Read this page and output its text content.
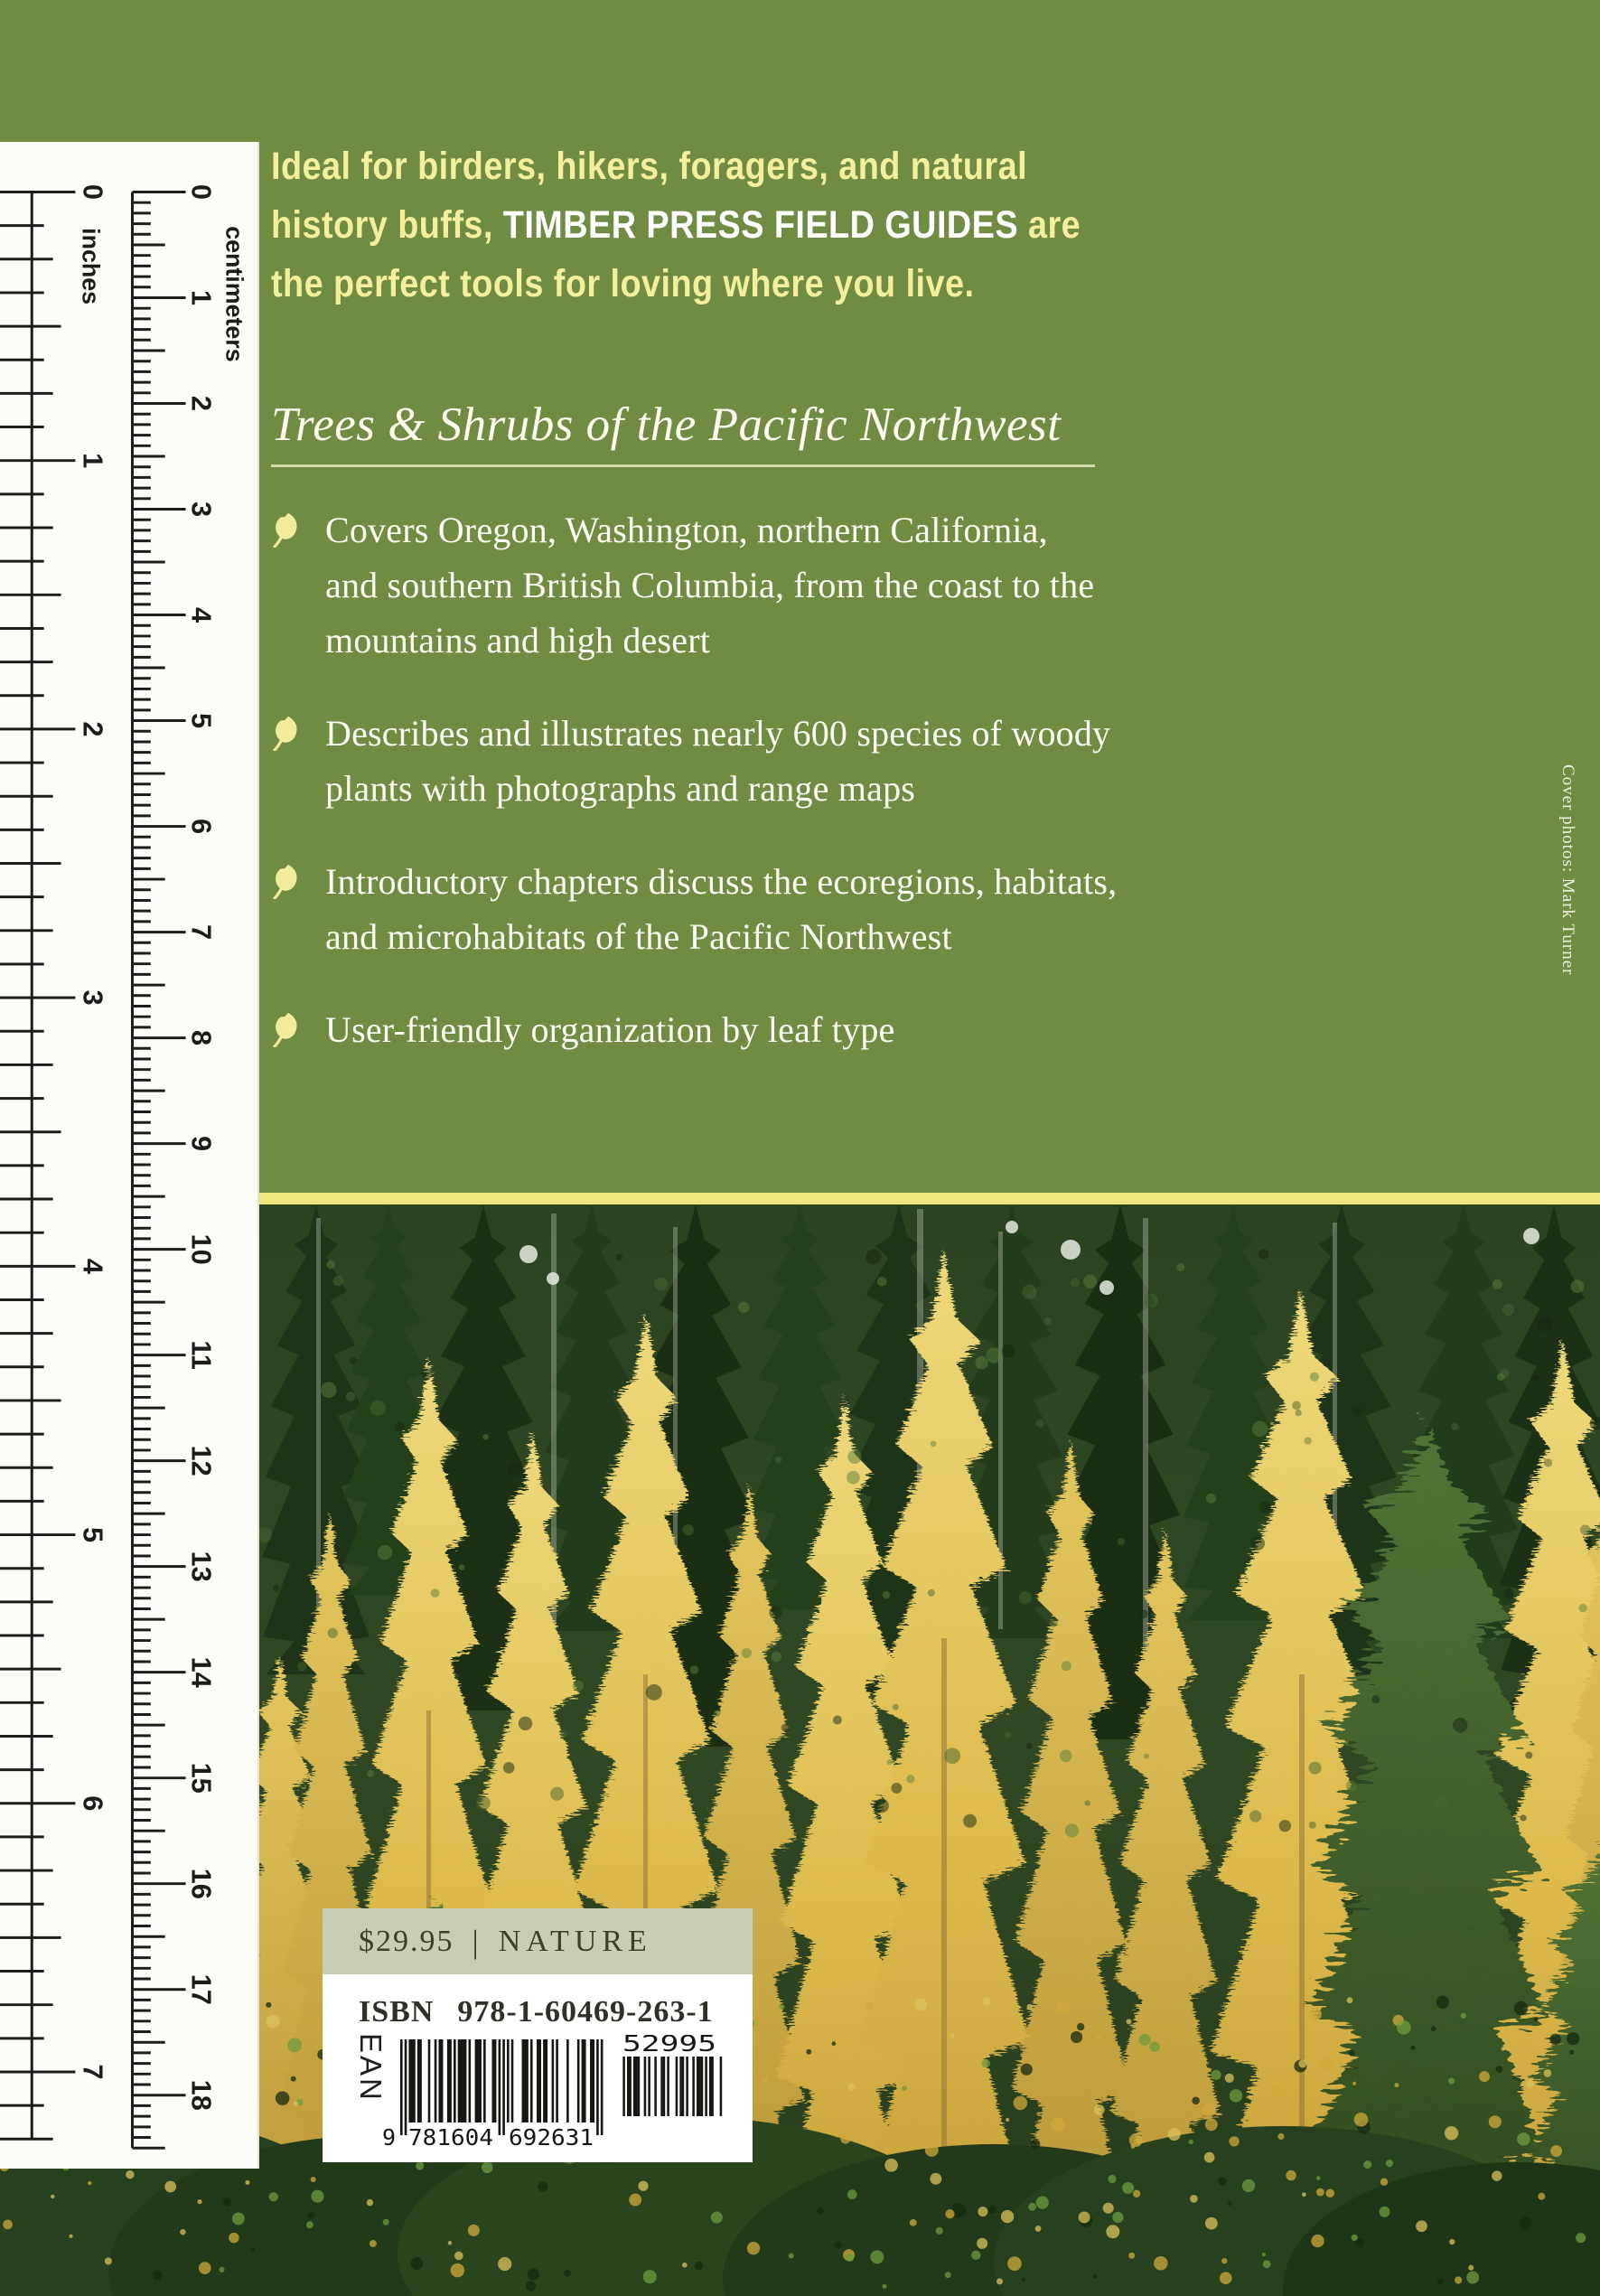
Ideal for birders, hikers, foragers, and natural
history buffs, TIMBER PRESS FIELD GUIDES are
the perfect tools for loving where you live.
Trees & Shrubs of the Pacific Northwest
Covers Oregon, Washington, northern California,
and southern British Columbia, from the coast to the
mountains and high desert
Describes and illustrates nearly 600 species of woody
plants with photographs and range maps
Introductory chapters discuss the ecoregions, habitats,
and microhabitats of the Pacific Northwest
User-friendly organization by leaf type
Cover photos: Mark Turner
0
1
2
3
4
5
6
7
inches
0
1
2
3
4
5
6
7
8
9
10
11
12
13
14
15
16
17
18
centimeters
$29.95 | NATURE
ISBN 978-1-60469-263-1
EAN
9 781604 692631
52995
